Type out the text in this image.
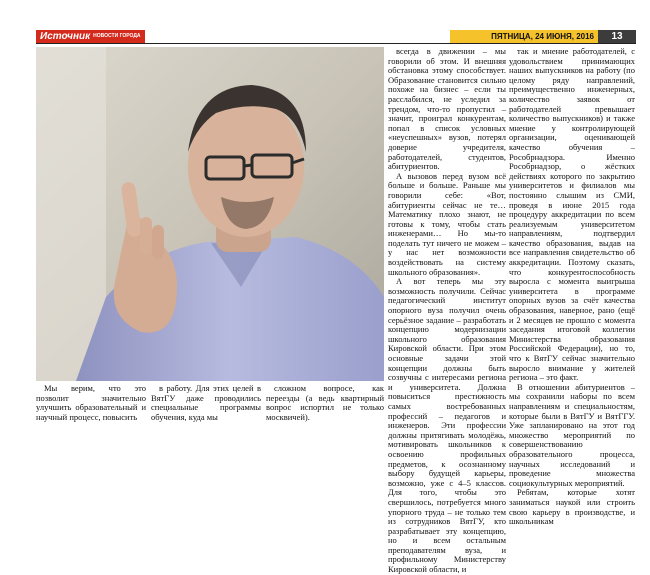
Источник НОВОСТИ ГОРОДА	ПЯТНИЦА, 24 ИЮНЯ, 2016	13

всегда в движении – мы говорили об этом. И внешняя обстановка этому способствует. Образование становится сильно похоже на бизнес – если ты расслабился, не уследил за трендом, что-то пропустил – значит, проиграл конкурентам, попал в список условных «неуспешных» вузов, потерял доверие учредителя, работодателей, студентов, абитуриентов.

А вызовов перед вузом всё больше и больше. Раньше мы говорили себе: «Вот, абитуриенты сейчас не те… Математику плохо знают, не готовы к тому, чтобы стать инженерами… Но мы-то поделать тут ничего не можем – у нас нет возможности воздействовать на систему школьного образования».

А вот теперь мы эту возможность получили. Сейчас педагогический институт опорного вуза получил очень серьёзное задание – разработать концепцию модернизации школьного образования Кировской области. При этом основные задачи этой концепции должны быть созвучны с интересами региона и университета. Должна повыситься престижность самых востребованных профессий – педагогов и инженеров. Эти профессии должны притягивать молодёжь, мотивировать школьников к освоению профильных предметов, к осознанному выбору будущей карьеры, возможно, уже с 4–5 классов. Для того, чтобы это свершилось, потребуется много упорного труда – не только тем из сотрудников ВятГУ, кто разрабатывает эту концепцию, но и всем остальным преподавателям вуза, и профильному Министерству Кировской области, и

так и мнение работодателей, с удовольствием принимающих наших выпускников на работу (по целому ряду направлений, преимущественно инженерных, количество заявок от работодателей превышает количество выпускников) и также мнение у контролирующей организации, оценивающей качество обучения – Рособрнадзора. Именно Рособрнадзор, о жёстких действиях которого по закрытию университетов и филиалов мы постоянно слышим из СМИ, проведя в июне 2015 года процедуру аккредитации по всем реализуемым университетом направлениям, подтвердил качество образования, выдав на все направления свидетельство об аккредитации. Поэтому сказать, что конкурентоспособность выросла с момента выигрыша университета в программе опорных вузов за счёт качества образования, наверное, рано (ещё и 2 месяцев не прошло с момента заседания итоговой коллегии Министерства образования Российской Федерации), но то, что к ВятГУ сейчас значительно выросло внимание у жителей региона – это факт.

В отношении абитуриентов – мы сохранили наборы по всем направлениям и специальностям, которые были в ВятГУ и ВятГГУ. Уже запланировано на этот год множество мероприятий по совершенствованию образовательного процесса, научных исследований и проведение множества социокультурных мероприятий.

Ребятам, которые хотят заниматься наукой или строить свою карьеру в производстве, и школьникам

Мы верим, что это позволит значительно улучшить образовательный и научный процесс, повысить

в работу. Для этих целей в ВятГУ даже проводились специальные программы обучения, куда мы

сложном вопросе, как переезды (а ведь квартирный вопрос испортил не только москвичей).
